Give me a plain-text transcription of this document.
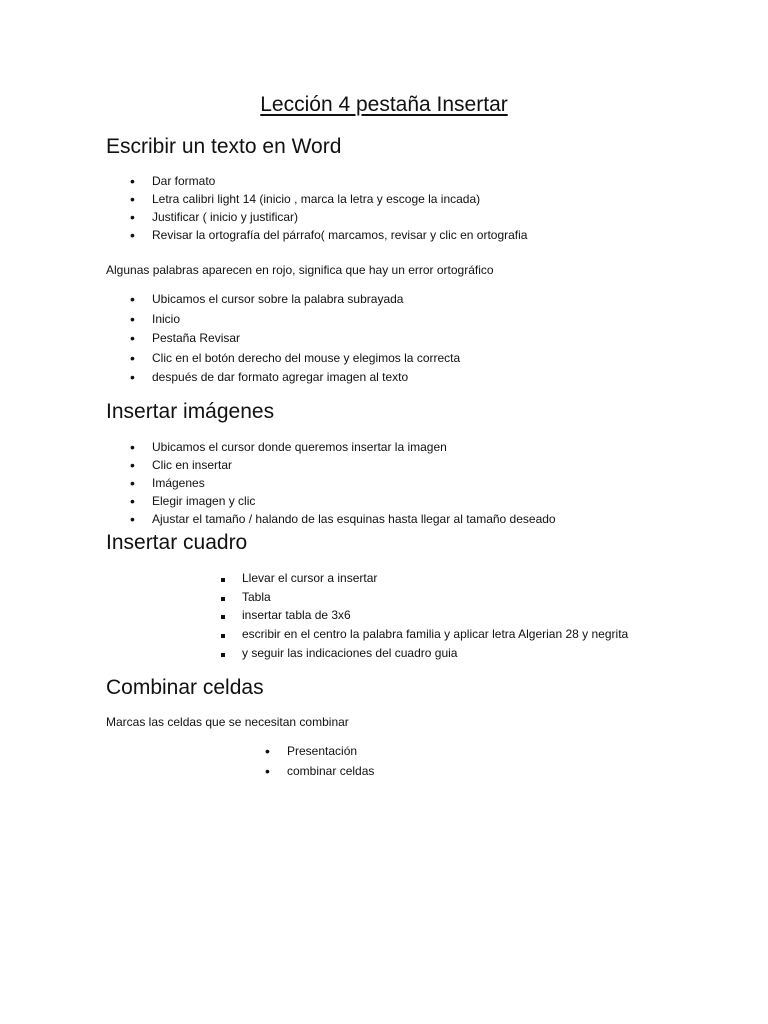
Lección 4 pestaña Insertar
Escribir un texto en Word
•
Dar formato
•
Letra calibri light 14 (inicio , marca la letra y escoge la incada)
•
Justificar ( inicio y justificar)
•
Revisar la ortografía del párrafo( marcamos, revisar y clic en ortografia

Algunas palabras aparecen en rojo, significa que hay un error ortográfico

•
Ubicamos el cursor sobre la palabra subrayada
•
Inicio
•
Pestaña Revisar
•
Clic en el botón derecho del mouse y elegimos la correcta
•
después de dar formato agregar imagen al texto
Insertar imágenes
•
Ubicamos el cursor donde queremos insertar la imagen
•
Clic en insertar
•
Imágenes
•
Elegir imagen y clic
•
Ajustar el tamaño / halando de las esquinas hasta llegar al tamaño deseado
Insertar cuadro
Llevar el cursor a insertar
Tabla
insertar tabla de 3x6
escribir en el centro la palabra familia y aplicar letra Algerian 28 y negrita
y seguir las indicaciones del cuadro guia
Combinar celdas

Marcas las celdas que se necesitan combinar

•
Presentación
•
combinar celdas
